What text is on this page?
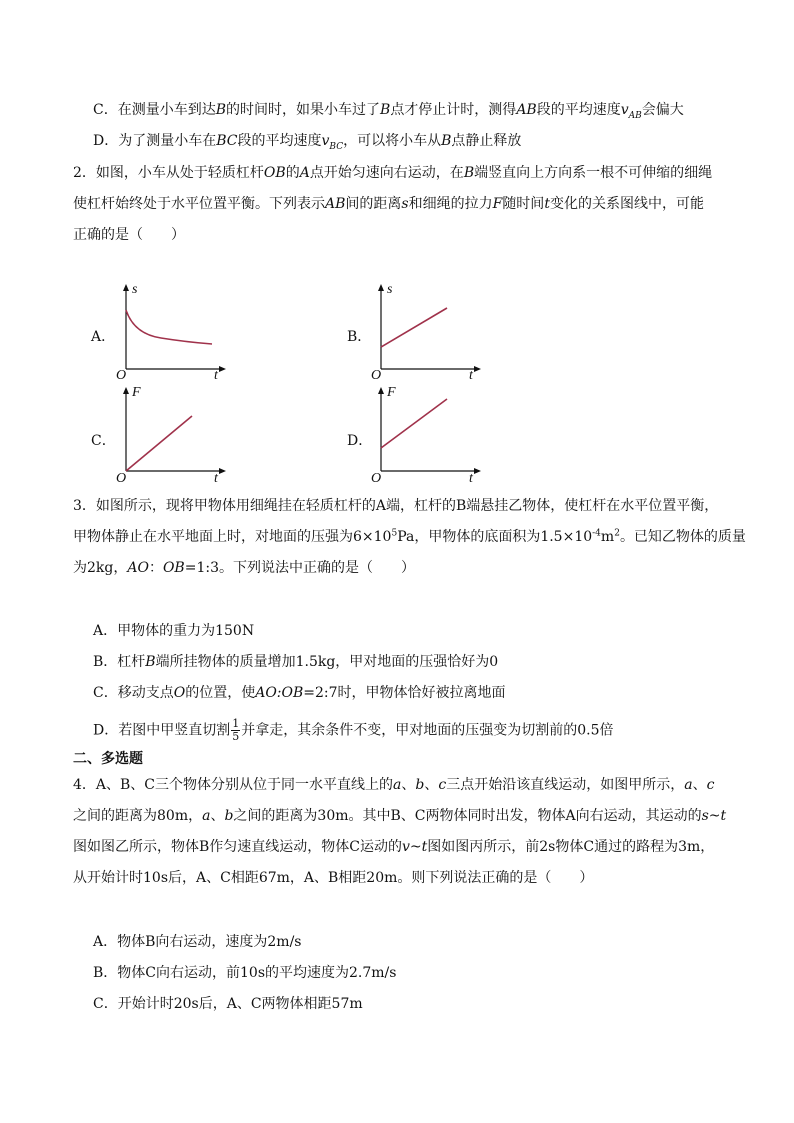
C．在测量小车到达B的时间时，如果小车过了B点才停止计时，测得AB段的平均速度$v_{AB}$会偏大
D．为了测量小车在BC段的平均速度$v_{BC}$，可以将小车从B点静止释放
2．如图，小车从处于轻质杠杆OB的A点开始匀速向右运动，在B端竖直向上方向系一根不可伸缩的细绳
使杠杆始终处于水平位置平衡。下列表示AB间的距离s和细绳的拉力F随时间t变化的关系图线中，可能
正确的是（　　）
A．
s
t
O
B．
s
t
O
C．
F
t
O
D．
F
t
O
3．如图所示，现将甲物体用细绳挂在轻质杠杆的A端，杠杆的B端悬挂乙物体，使杠杆在水平位置平衡，
甲物体静止在水平地面上时，对地面的压强为$6\times 10^5Pa$，甲物体的底面积为$1.5\times 10^{-4}m^2$。已知乙物体的质量
为2kg，AO：OB=1:3。下列说法中正确的是（　　）
A．甲物体的重力为150N
B．杠杆B端所挂物体的质量增加1.5kg，甲对地面的压强恰好为0
C．移动支点O的位置，使AO:OB=2:7时，甲物体恰好被拉离地面
D．若图中甲竖直切割 $\frac{1}{5}$ 并拿走，其余条件不变，甲对地面的压强变为切割前的0.5倍
二、多选题
4．A、B、C三个物体分别从位于同一水平直线上的a、b、c三点开始沿该直线运动，如图甲所示，a、c
之间的距离为80m，a、b之间的距离为30m。其中B、C两物体同时出发，物体A向右运动，其运动的s~t
图如图乙所示，物体B作匀速直线运动，物体C运动的v~t图如图丙所示，前2s物体C通过的路程为3m，
从开始计时10s后，A、C相距67m，A、B相距20m。则下列说法正确的是（　　）
A．物体B向右运动，速度为2m/s
B．物体C向右运动，前10s的平均速度为2.7m/s
C．开始计时20s后，A、C两物体相距57m
